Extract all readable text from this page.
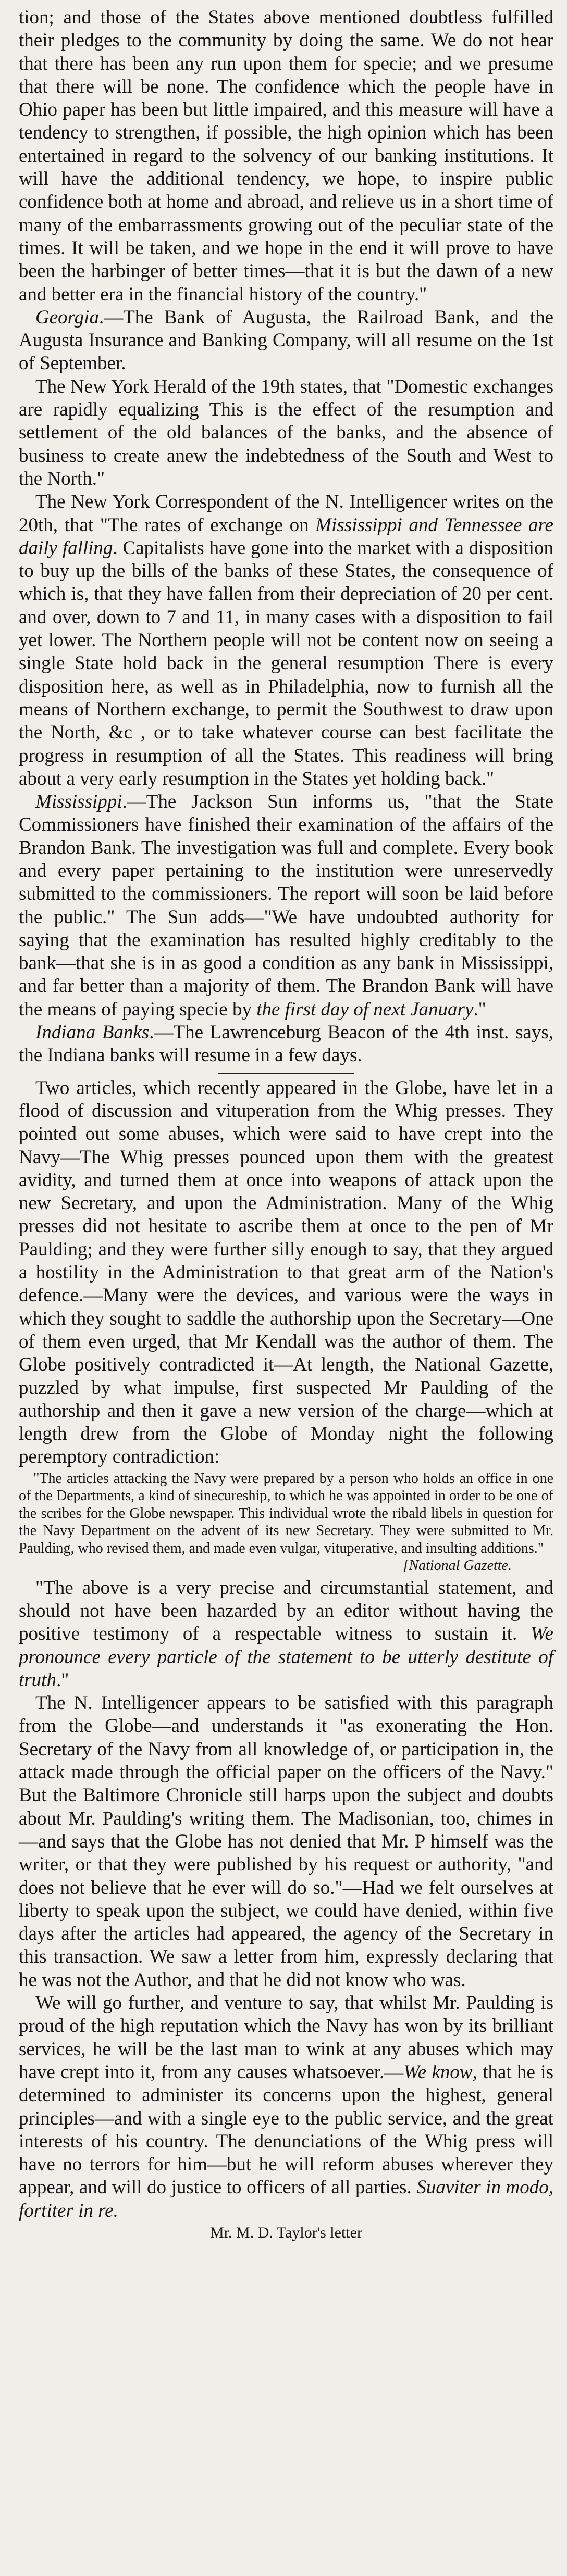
tion; and those of the States above mentioned doubtless fulfilled their pledges to the community by doing the same. We do not hear that there has been any run upon them for specie; and we presume that there will be none. The confidence which the people have in Ohio paper has been but little impaired, and this measure will have a tendency to strengthen, if possible, the high opinion which has been entertained in regard to the solvency of our banking institutions. It will have the additional tendency, we hope, to inspire public confidence both at home and abroad, and relieve us in a short time of many of the embarrassments growing out of the peculiar state of the times. It will be taken, and we hope in the end it will prove to have been the harbinger of better times—that it is but the dawn of a new and better era in the financial history of the country."

Georgia.—The Bank of Augusta, the Railroad Bank, and the Augusta Insurance and Banking Company, will all resume on the 1st of September.

The New York Herald of the 19th states, that "Domestic exchanges are rapidly equalizing This is the effect of the resumption and settlement of the old balances of the banks, and the absence of business to create anew the indebtedness of the South and West to the North."

The New York Correspondent of the N. Intelligencer writes on the 20th, that "The rates of exchange on Mississippi and Tennessee are daily falling. Capitalists have gone into the market with a disposition to buy up the bills of the banks of these States, the consequence of which is, that they have fallen from their depreciation of 20 per cent. and over, down to 7 and 11, in many cases with a disposition to fail yet lower. The Northern people will not be content now on seeing a single State hold back in the general resumption There is every disposition here, as well as in Philadelphia, now to furnish all the means of Northern exchange, to permit the Southwest to draw upon the North, &c , or to take whatever course can best facilitate the progress in resumption of all the States. This readiness will bring about a very early resumption in the States yet holding back."

Mississippi.—The Jackson Sun informs us, "that the State Commissioners have finished their examination of the affairs of the Brandon Bank. The investigation was full and complete. Every book and every paper pertaining to the institution were unreservedly submitted to the commissioners. The report will soon be laid before the public." The Sun adds—"We have undoubted authority for saying that the examination has resulted highly creditably to the bank—that she is in as good a condition as any bank in Mississippi, and far better than a majority of them. The Brandon Bank will have the means of paying specie by the first day of next January."

Indiana Banks.—The Lawrenceburg Beacon of the 4th inst. says, the Indiana banks will resume in a few days.

Two articles, which recently appeared in the Globe, have let in a flood of discussion and vituperation from the Whig presses. They pointed out some abuses, which were said to have crept into the Navy—The Whig presses pounced upon them with the greatest avidity, and turned them at once into weapons of attack upon the new Secretary, and upon the Administration. Many of the Whig presses did not hesitate to ascribe them at once to the pen of Mr Paulding; and they were further silly enough to say, that they argued a hostility in the Administration to that great arm of the Nation's defence.—Many were the devices, and various were the ways in which they sought to saddle the authorship upon the Secretary—One of them even urged, that Mr Kendall was the author of them. The Globe positively contradicted it—At length, the National Gazette, puzzled by what impulse, first suspected Mr Paulding of the authorship and then it gave a new version of the charge—which at length drew from the Globe of Monday night the following peremptory contradiction:

"The articles attacking the Navy were prepared by a person who holds an office in one of the Departments, a kind of sinecureship, to which he was appointed in order to be one of the scribes for the Globe newspaper. This individual wrote the ribald libels in question for the Navy Department on the advent of its new Secretary. They were submitted to Mr. Paulding, who revised them, and made even vulgar, vituperative, and insulting additions."

[National Gazette.

"The above is a very precise and circumstantial statement, and should not have been hazarded by an editor without having the positive testimony of a respectable witness to sustain it. We pronounce every particle of the statement to be utterly destitute of truth."

The N. Intelligencer appears to be satisfied with this paragraph from the Globe—and understands it "as exonerating the Hon. Secretary of the Navy from all knowledge of, or participation in, the attack made through the official paper on the officers of the Navy." But the Baltimore Chronicle still harps upon the subject and doubts about Mr. Paulding's writing them. The Madisonian, too, chimes in—and says that the Globe has not denied that Mr. P himself was the writer, or that they were published by his request or authority, "and does not believe that he ever will do so."—Had we felt ourselves at liberty to speak upon the subject, we could have denied, within five days after the articles had appeared, the agency of the Secretary in this transaction. We saw a letter from him, expressly declaring that he was not the Author, and that he did not know who was.

We will go further, and venture to say, that whilst Mr. Paulding is proud of the high reputation which the Navy has won by its brilliant services, he will be the last man to wink at any abuses which may have crept into it, from any causes whatsoever.—We know, that he is determined to administer its concerns upon the highest, general principles—and with a single eye to the public service, and the great interests of his country. The denunciations of the Whig press will have no terrors for him—but he will reform abuses wherever they appear, and will do justice to officers of all parties. Suaviter in modo, fortiter in re.

Mr. M. D. Taylor's letter
